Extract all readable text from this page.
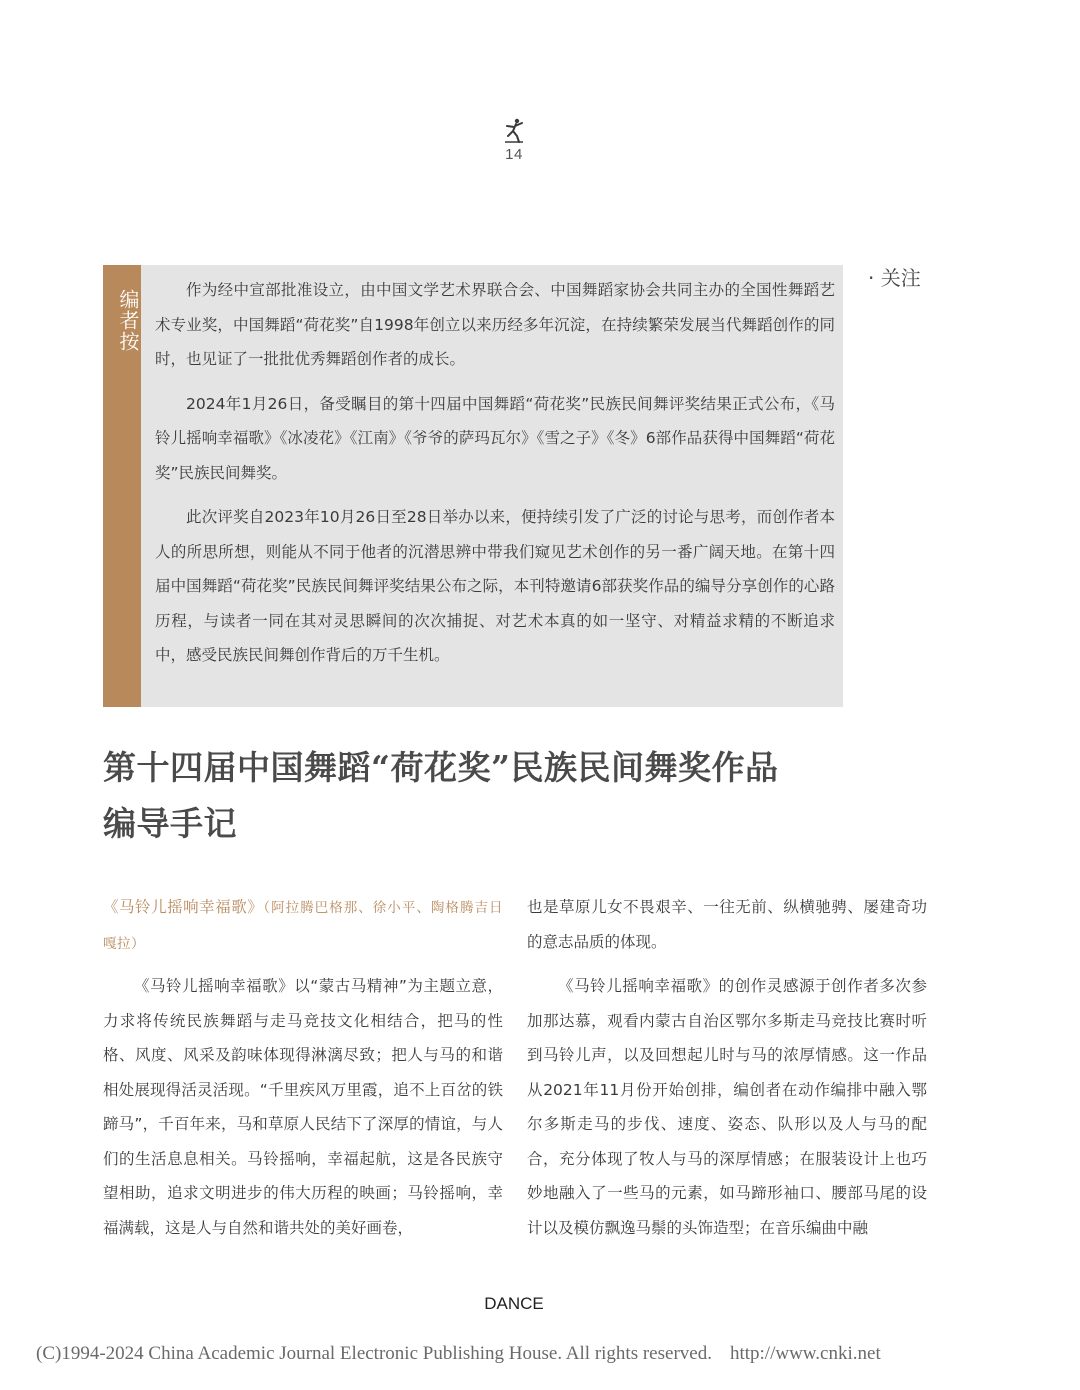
14
· 关注
编者按	作为经中宣部批准设立，由中国文学艺术界联合会、中国舞蹈家协会共同主办的全国性舞蹈艺术专业奖，中国舞蹈“荷花奖”自1998年创立以来历经多年沉淀，在持续繁荣发展当代舞蹈创作的同时，也见证了一批批优秀舞蹈创作者的成长。

2024年1月26日，备受瞩目的第十四届中国舞蹈“荷花奖”民族民间舞评奖结果正式公布，《马铃儿摇响幸福歌》《冰凌花》《江南》《爷爷的萨玛瓦尔》《雪之子》《冬》6部作品获得中国舞蹈“荷花奖”民族民间舞奖。

此次评奖自2023年10月26日至28日举办以来，便持续引发了广泛的讨论与思考，而创作者本人的所思所想，则能从不同于他者的沉潜思辨中带我们窥见艺术创作的另一番广阔天地。在第十四届中国舞蹈“荷花奖”民族民间舞评奖结果公布之际，本刊特邀请6部获奖作品的编导分享创作的心路历程，与读者一同在其对灵思瞬间的次次捕捉、对艺术本真的如一坚守、对精益求精的不断追求中，感受民族民间舞创作背后的万千生机。

第十四届中国舞蹈“荷花奖”民族民间舞奖作品
编导手记

《马铃儿摇响幸福歌》（阿拉腾巴格那、徐小平、陶格腾吉日嘎拉）

《马铃儿摇响幸福歌》以“蒙古马精神”为主题立意，力求将传统民族舞蹈与走马竞技文化相结合，把马的性格、风度、风采及韵味体现得淋漓尽致；把人与马的和谐相处展现得活灵活现。“千里疾风万里霞，追不上百岔的铁蹄马”，千百年来，马和草原人民结下了深厚的情谊，与人们的生活息息相关。马铃摇响，幸福起航，这是各民族守望相助，追求文明进步的伟大历程的映画；马铃摇响，幸福满载，这是人与自然和谐共处的美好画卷，

也是草原儿女不畏艰辛、一往无前、纵横驰骋、屡建奇功的意志品质的体现。

《马铃儿摇响幸福歌》的创作灵感源于创作者多次参加那达慕，观看内蒙古自治区鄂尔多斯走马竞技比赛时听到马铃儿声，以及回想起儿时与马的浓厚情感。这一作品从2021年11月份开始创排，编创者在动作编排中融入鄂尔多斯走马的步伐、速度、姿态、队形以及人与马的配合，充分体现了牧人与马的深厚情感；在服装设计上也巧妙地融入了一些马的元素，如马蹄形袖口、腰部马尾的设计以及模仿飘逸马鬃的头饰造型；在音乐编曲中融

DANCE
(C)1994-2024 China Academic Journal Electronic Publishing House. All rights reserved. http://www.cnki.net
